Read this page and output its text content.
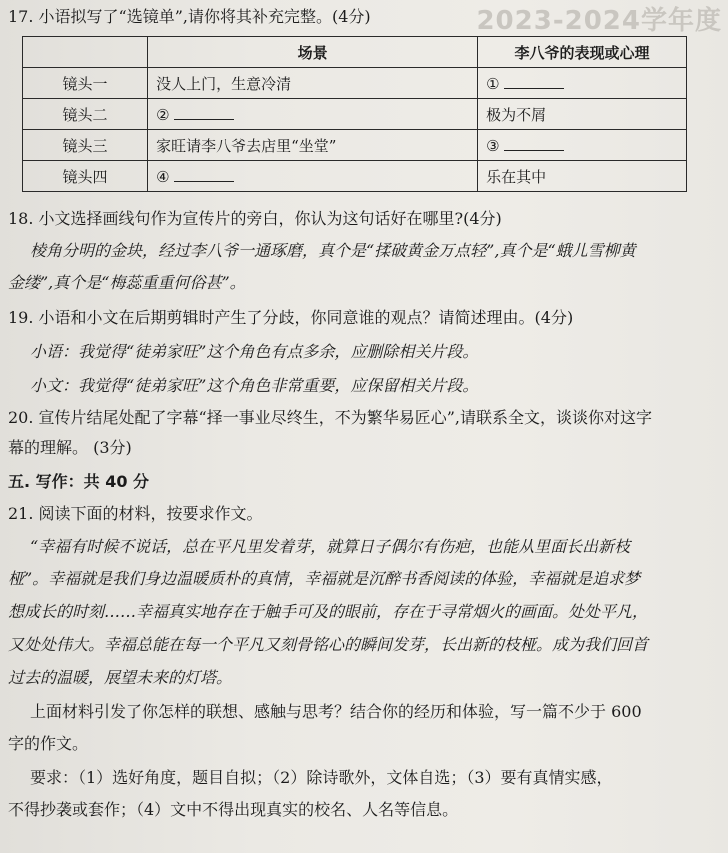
2023-2024学年度
17. 小语拟写了“选镜单”,请你将其补充完整。(4分)
	场景	李八爷的表现或心理
镜头一	没人上门，生意冷清	①
镜头二	②	极为不屑
镜头三	家旺请李八爷去店里“坐堂”	③
镜头四	④	乐在其中
18. 小文选择画线句作为宣传片的旁白，你认为这句话好在哪里?(4分)
棱角分明的金块，经过李八爷一通琢磨，真个是“揉破黄金万点轻”,真个是“蛾儿雪柳黄
金缕”,真个是“梅蕊重重何俗甚”。
19. 小语和小文在后期剪辑时产生了分歧，你同意谁的观点？请简述理由。(4分)
小语：我觉得“徒弟家旺”这个角色有点多余，应删除相关片段。
小文：我觉得“徒弟家旺”这个角色非常重要，应保留相关片段。
20. 宣传片结尾处配了字幕“择一事业尽终生，不为繁华易匠心”,请联系全文，谈谈你对这字
幕的理解。 (3分)
五. 写作：共 40 分
21. 阅读下面的材料，按要求作文。
“幸福有时候不说话，总在平凡里发着芽，就算日子偶尔有伤疤，也能从里面长出新枝
桠”。幸福就是我们身边温暖质朴的真情，幸福就是沉醉书香阅读的体验，幸福就是追求梦
想成长的时刻……幸福真实地存在于触手可及的眼前，存在于寻常烟火的画面。处处平凡，
又处处伟大。幸福总能在每一个平凡又刻骨铭心的瞬间发芽，长出新的枝桠。成为我们回首
过去的温暖，展望未来的灯塔。
上面材料引发了你怎样的联想、感触与思考？结合你的经历和体验，写一篇不少于 600
字的作文。
要求：（1）选好角度，题目自拟；（2）除诗歌外，文体自选；（3）要有真情实感，
不得抄袭或套作；（4）文中不得出现真实的校名、人名等信息。
